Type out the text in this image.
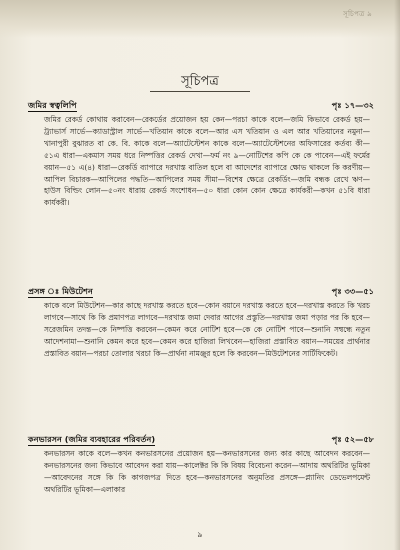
সূচিপত্র ৯
সূচিপত্র
জমির স্বত্বলিপি	পৃঃ ১৭—৩২

জমির রেকর্ড কোথায় করাবেন—রেকর্ডের প্রয়োজন হয় কেন—পরচা কাকে বলে—জমি কিভাবে রেকর্ড হয়—ট্র্যাভার্স সার্ভে—ক্যাডাস্ট্রাল সার্ভে—খতিয়ান কাকে বলে—আর এস খতিয়ান ও এল আর খতিয়ানের নমুনা—খানাপুরী বুঝারত বা কে. বি. কাকে বলে—অ্যাটেস্টেশন কাকে বলে—অ্যাটেস্টেশনের অফিসারের কর্তব্য কী—৫১এ ধারা—একমাস সময় ধরে নিষ্পত্তির রেকর্ড দেখা—ফর্ম নং ৯—নোটিশের কপি কে কে পাবেন—এই ফর্মের বয়ান—৫১ এ(৪) ধারা—রেকর্ডি ব্যাপারে দরখাস্ত বাতিল হলে বা আদেশের ব্যাপারে ক্ষোভ থাকলে কি করণীয়—আপিল বিচারক—আপিলের পদ্ধতি—আপিলের সময় সীমা—বিশেষ ক্ষেত্রে রেকর্ডিং—জমি বন্ধক রেখে ঋণ—হাউস বিল্ডিং লোন—৫০নং ধারায় রেকর্ড সংশোধন—৫০ ধারা কোন কোন ক্ষেত্রে কার্যকরী—কখন ৫১বি ধারা কার্যকরী।

প্রসঙ্গ ঃ মিউটেশন	পৃঃ ৩৩—৫১

কাকে বলে মিউটেশন—কার কাছে দরখাস্ত করতে হবে—কোন বয়ানে দরখাস্ত করতে হবে—দরখাস্ত করতে কি খরচ লাগবে—সাথে কি কি প্রমাণপত্র লাগবে—দরখাস্ত জমা দেবার আগের প্রস্তুতি—দরখাস্ত জমা পড়ার পর কি হবে—সরেজমিন তদন্ত—কে নিষ্পত্তি করবেন—কেমন করে নোটিশ হবে—কে কে নোটিশ পাবে—শুনানি সম্বন্ধে নতুন আদেশনামা—শুনানি কেমন করে হবে—কেমন করে হাজিরা লিখবেন—হাজিরা প্রস্তাবিত বয়ান—সময়ের প্রার্থনার প্রস্তাবিত বয়ান—পরচা তোলার খরচা কি—প্রার্থনা নামঞ্জুর হলে কি করবেন—মিউটেশনের সার্টিফিকেট।

কনভারসন (জমির ব্যবহারের পরিবর্তন)	পৃঃ ৫২—৫৮

কনভারসন কাকে বলে—কখন কনভারসনের প্রয়োজন হয়—কনভারসনের জন্য কার কাছে আবেদন করবেন—কনভারসনের জন্য কিভাবে আবেদন করা যায়—কালেক্টর কি কি বিষয় বিবেচনা করেন—আদায় অথরিটির ভূমিকা—আবেদনের সঙ্গে কি কি কাগজপত্র দিতে হবে—কনভারসনের অনুমতির প্রসঙ্গে—প্ল্যানিং ডেভেলপমেন্ট অথরিটির ভূমিকা—এলাকার

৯
